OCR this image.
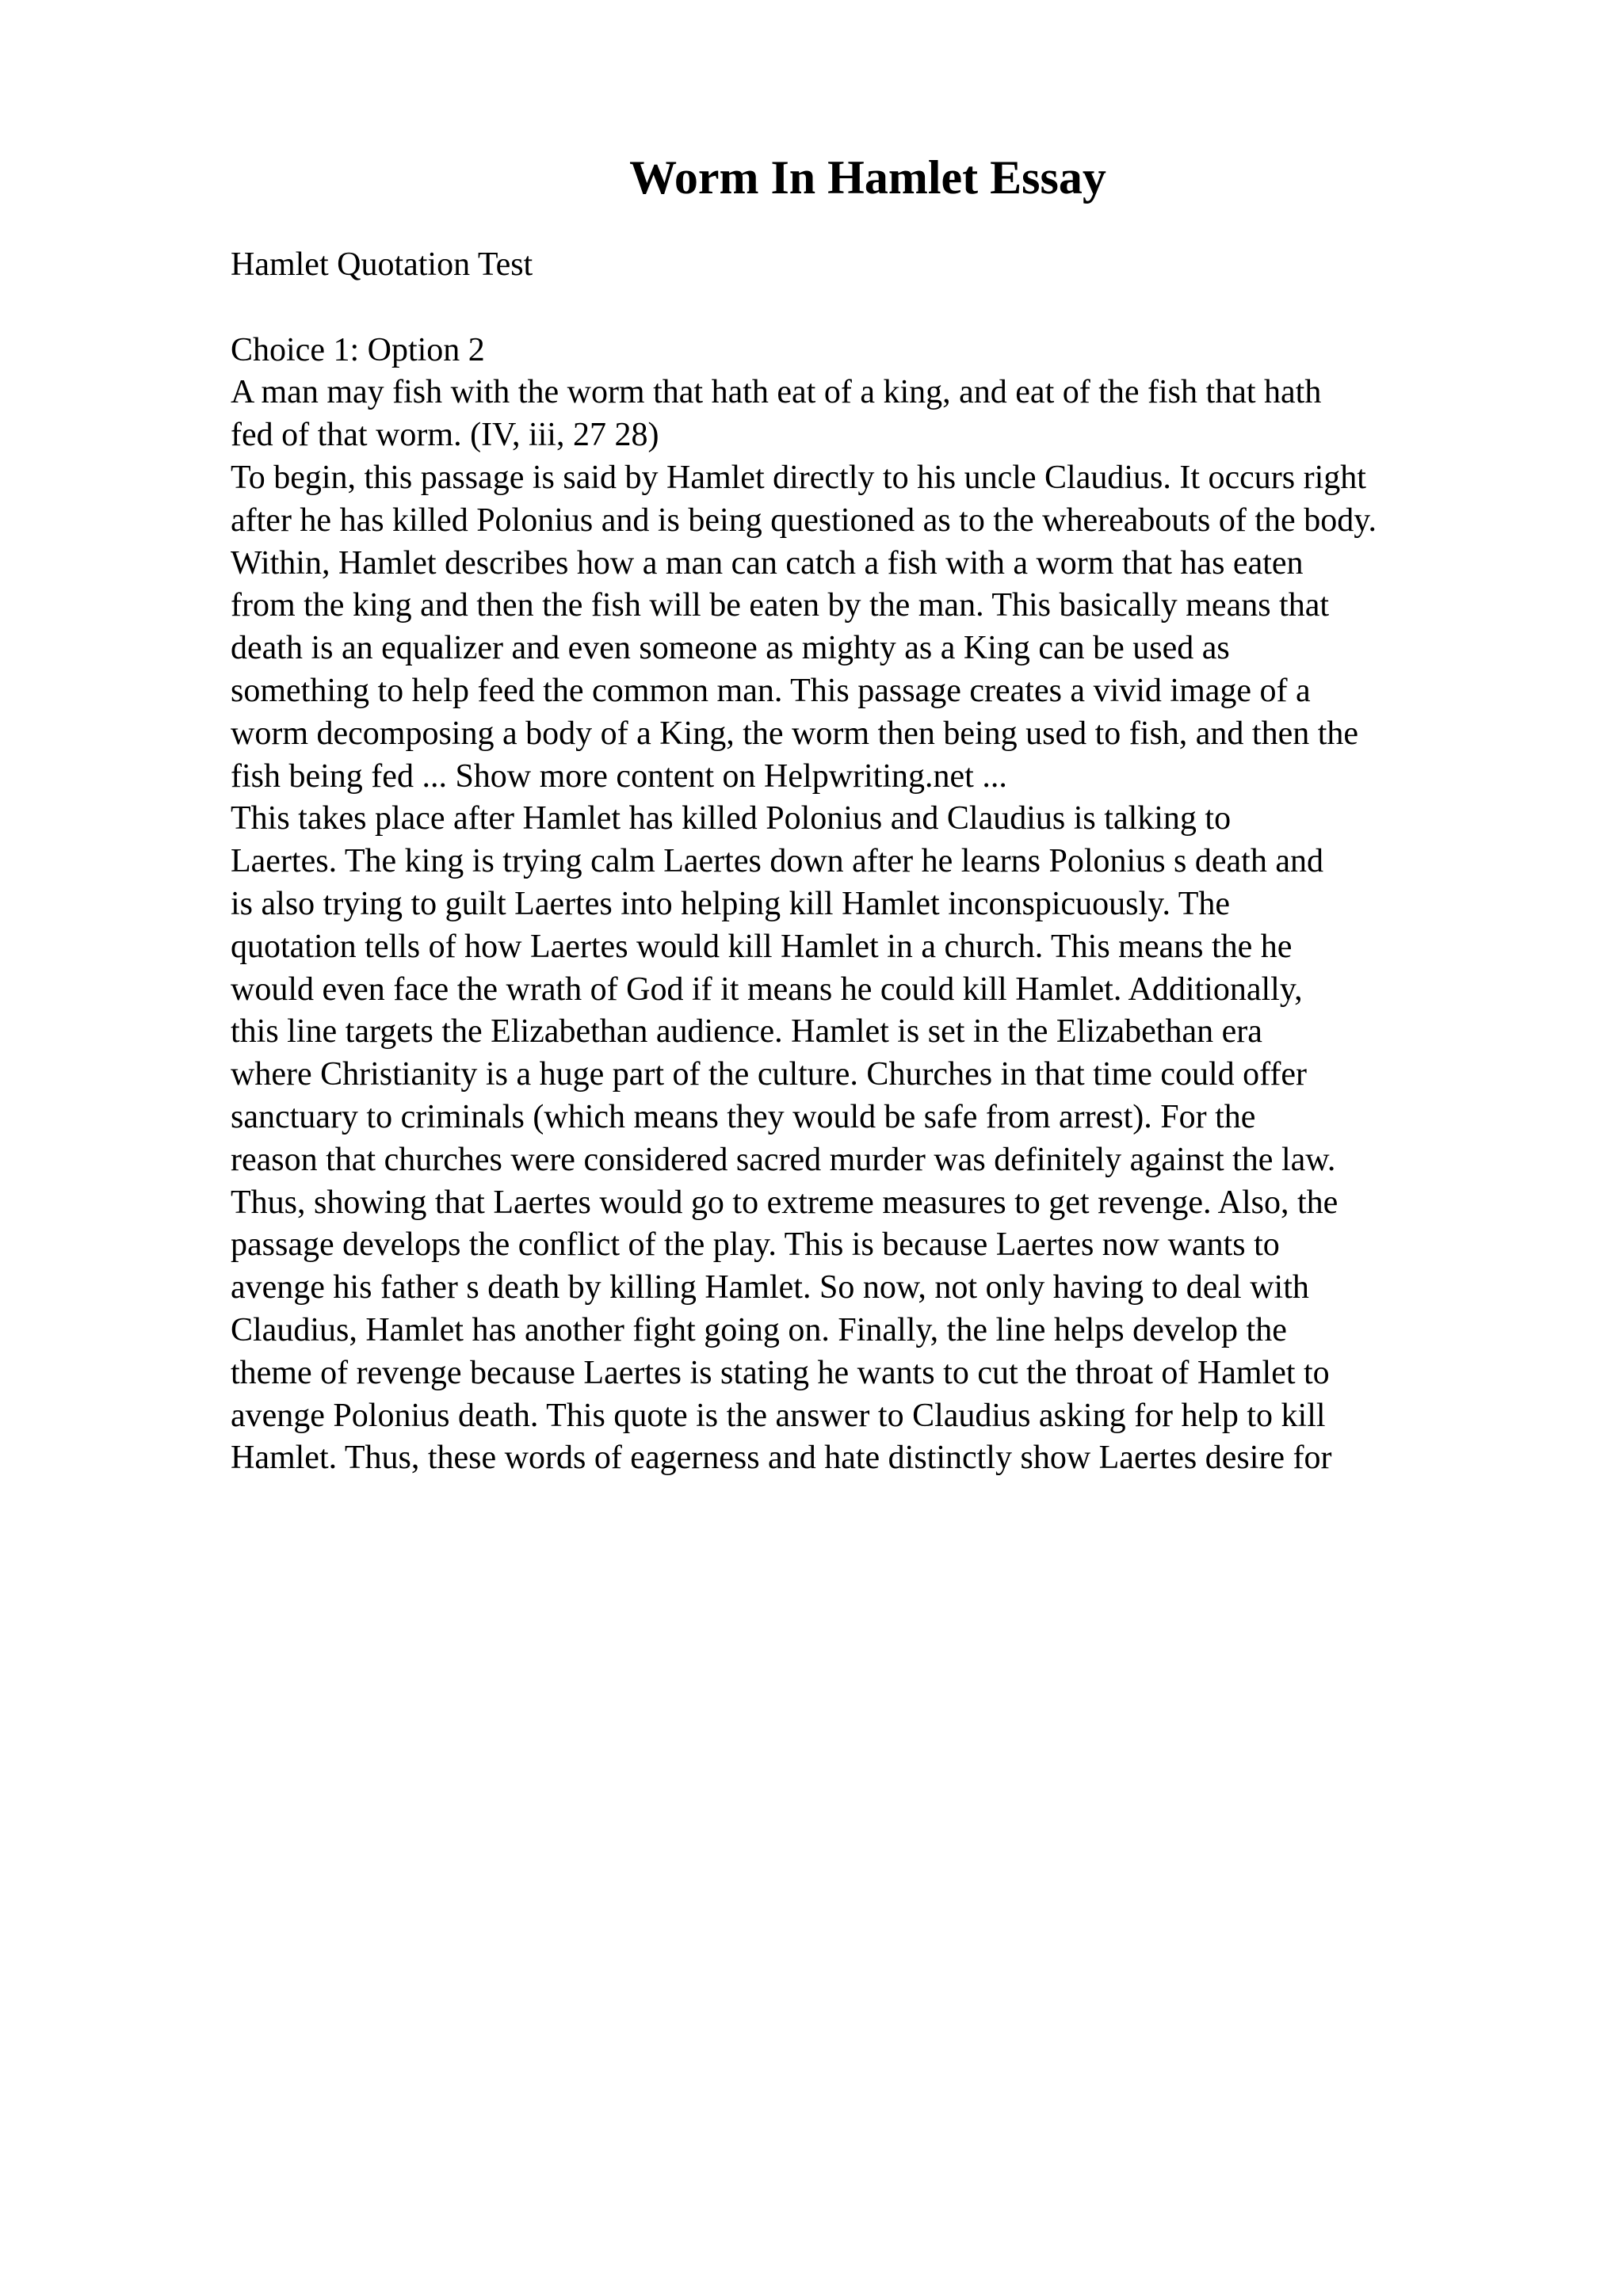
Worm In Hamlet Essay
Hamlet Quotation Test
Choice 1: Option 2
A man may fish with the worm that hath eat of a king, and eat of the fish that hath
fed of that worm. (IV, iii, 27 28)
To begin, this passage is said by Hamlet directly to his uncle Claudius. It occurs right
after he has killed Polonius and is being questioned as to the whereabouts of the body.
Within, Hamlet describes how a man can catch a fish with a worm that has eaten
from the king and then the fish will be eaten by the man. This basically means that
death is an equalizer and even someone as mighty as a King can be used as
something to help feed the common man. This passage creates a vivid image of a
worm decomposing a body of a King, the worm then being used to fish, and then the
fish being fed ... Show more content on Helpwriting.net ...
This takes place after Hamlet has killed Polonius and Claudius is talking to
Laertes. The king is trying calm Laertes down after he learns Polonius s death and
is also trying to guilt Laertes into helping kill Hamlet inconspicuously. The
quotation tells of how Laertes would kill Hamlet in a church. This means the he
would even face the wrath of God if it means he could kill Hamlet. Additionally,
this line targets the Elizabethan audience. Hamlet is set in the Elizabethan era
where Christianity is a huge part of the culture. Churches in that time could offer
sanctuary to criminals (which means they would be safe from arrest). For the
reason that churches were considered sacred murder was definitely against the law.
Thus, showing that Laertes would go to extreme measures to get revenge. Also, the
passage develops the conflict of the play. This is because Laertes now wants to
avenge his father s death by killing Hamlet. So now, not only having to deal with
Claudius, Hamlet has another fight going on. Finally, the line helps develop the
theme of revenge because Laertes is stating he wants to cut the throat of Hamlet to
avenge Polonius death. This quote is the answer to Claudius asking for help to kill
Hamlet. Thus, these words of eagerness and hate distinctly show Laertes desire for
